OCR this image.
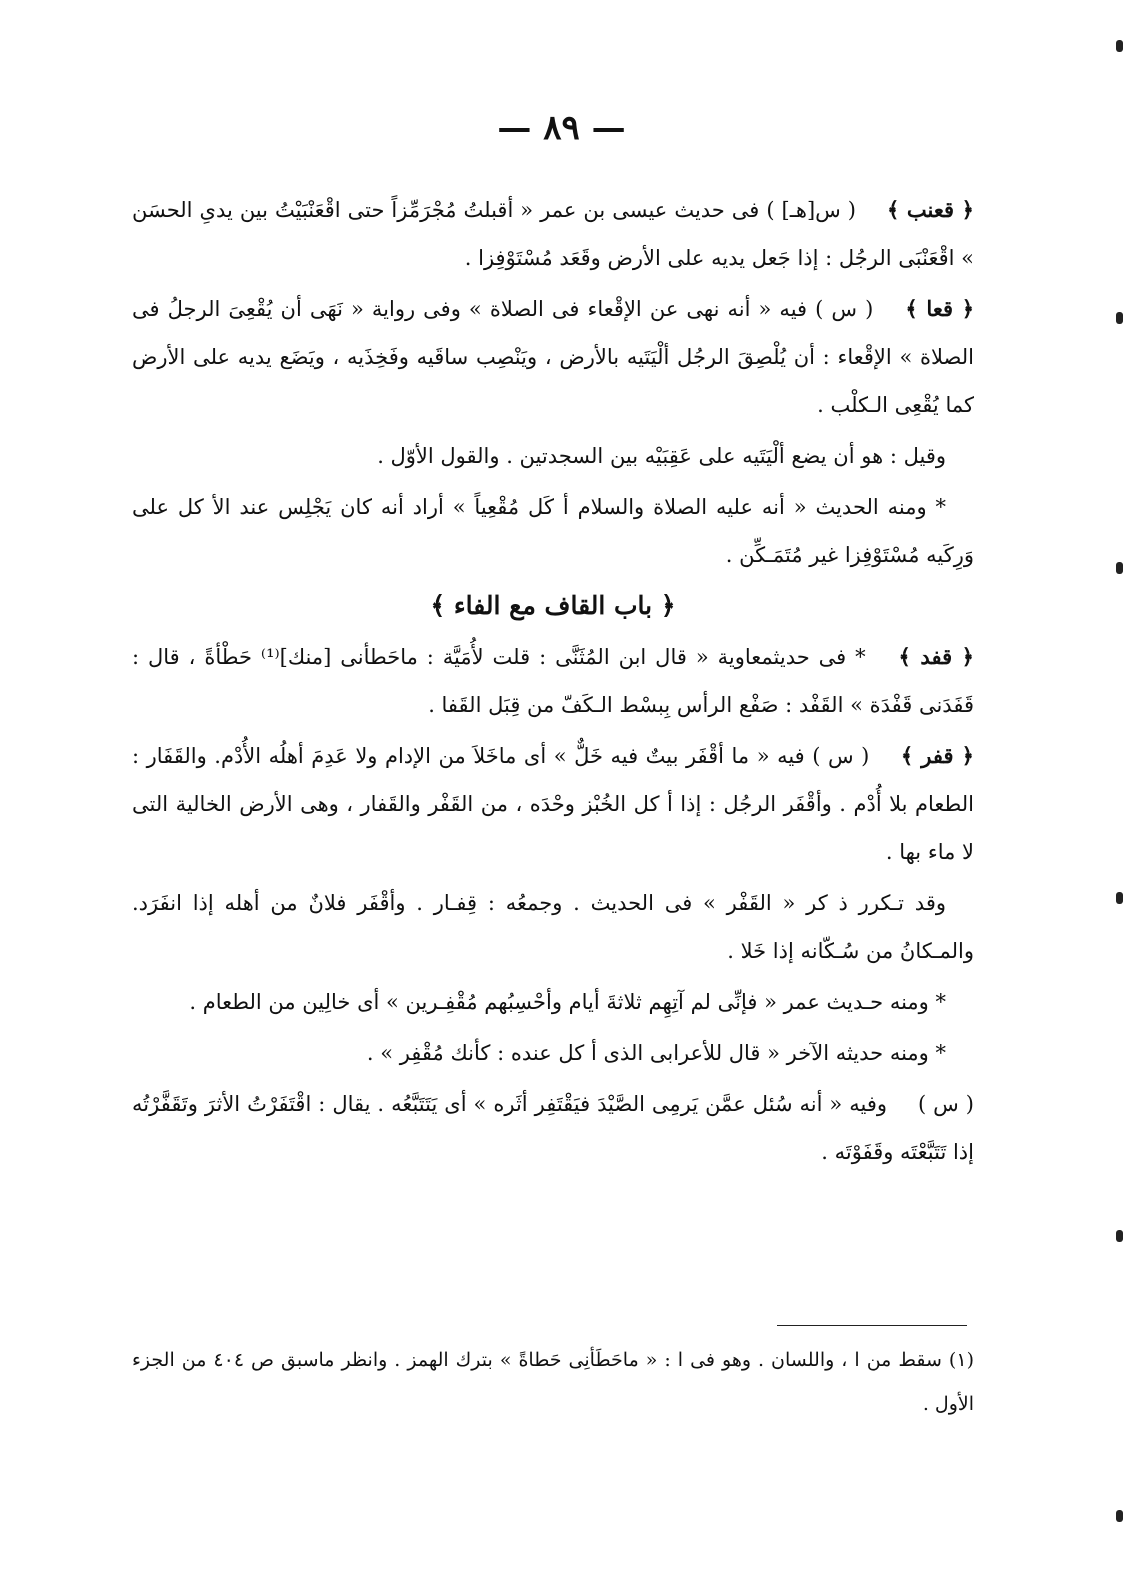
— ٨٩ —

﴿ قعنب ﴾ ( س[هـ] ) فى حديث عيسى بن عمر « أقبلتُ مُجْرَمِّزاً حتى اقْعَنْبَيْتُ بين يدىِ الحسَن » اقْعَنْبَى الرجُل : إذا جَعل يديه على الأرض وقَعَد مُسْتَوْفِزا .

﴿ قعا ﴾ ( س ) فيه « أنه نهى عن الإقْعاء فى الصلاة » وفى رواية « نَهَى أن يُقْعِىَ الرجلُ فى الصلاة » الإقْعاء : أن يُلْصِقَ الرجُل ألْيَتَيه بالأرض ، ويَنْصِب ساقَيه وفَخِذَيه ، ويَضَع يديه على الأرض كما يُقْعِى الـكلْب .

وقيل : هو أن يضع ألْيَتَيه على عَقِبَيْه بين السجدتين . والقول الأوّل .

* ومنه الحديث « أنه عليه الصلاة والسلام أ كَل مُقْعِياً » أراد أنه كان يَجْلِس عند الأ كل على وَرِكَيه مُسْتَوْفِزا غير مُتَمَـكِّن .

﴿ باب القاف مع الفاء ﴾

﴿ قفد ﴾ * فى حديثمعاوية « قال ابن المُثَنَّى : قلت لأُمَيَّة : ماحَطأنى [منك]⁽¹⁾ حَطْأةً ، قال : قَفَدَنى قَفْدَة » القَفْد : صَفْع الرأس بِبسْط الـكَفّ من قِبَل القَفا .

﴿ قفر ﴾ ( س ) فيه « ما أقْفَر بيتٌ فيه خَلٌّ » أى ماخَلاَ من الإدام ولا عَدِمَ أهلُه الأُدْم. والقَفَار : الطعام بلا أُدْم . وأقْفَر الرجُل : إذا أ كل الخُبْز وحْدَه ، من القَفْر والقَفار ، وهى الأرض الخالية التى لا ماء بها .

وقد تـكرر ذ كر « القَفْر » فى الحديث . وجمعُه : قِفـار . وأقْفَر فلانٌ من أهله إذا انفَرَد. والمـكانُ من سُـكّانه إذا خَلا .

* ومنه حـديث عمر « فإنِّى لم آتِهِم ثلاثةَ أيام وأحْسِبُهم مُقْفِـرين » أى خالِين من الطعام .

* ومنه حديثه الآخر « قال للأعرابى الذى أ كل عنده : كأنك مُقْفِر » .

( س ) وفيه « أنه سُئل عمَّن يَرمِى الصَّيْدَ فيَقْتَفِر أثَره » أى يَتَتَبَّعُه . يقال : اقْتَفَرْتُ الأثرَ وتَقَفَّرْتُه إذا تَتَبَّعْتَه وقَفَوْتَه .

(١) سقط من ا ، واللسان . وهو فى ا : « ماحَطَأنِى حَطاةً » بترك الهمز . وانظر ماسبق ص ٤٠٤ من الجزء الأول .
